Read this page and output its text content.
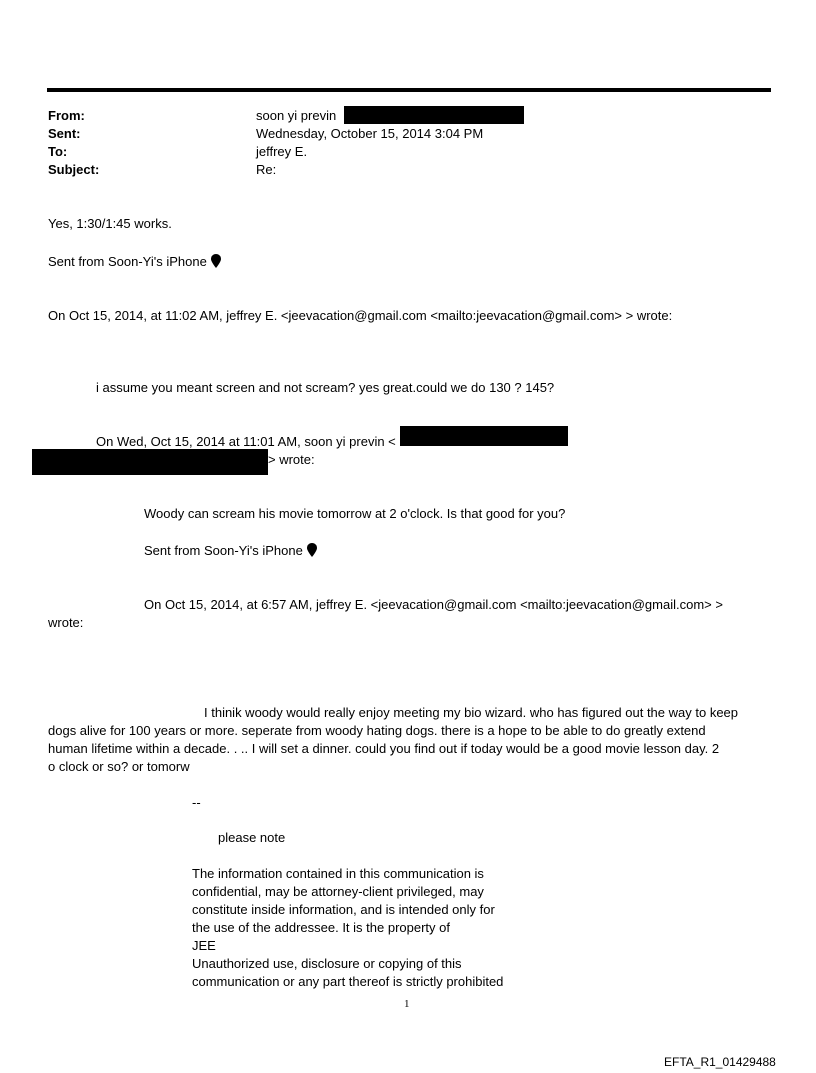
From:	soon yi previn
Sent:	Wednesday, October 15, 2014 3:04 PM
To:	jeffrey E.
Subject:	Re:
Yes, 1:30/1:45 works.
Sent from Soon-Yi's iPhone
On Oct 15, 2014, at 11:02 AM, jeffrey E. <jeevacation@gmail.com <mailto:jeevacation@gmail.com> > wrote:
i assume you meant screen and not scream? yes great.could we do 130 ? 145?
On Wed, Oct 15, 2014 at 11:01 AM, soon yi previn <
> wrote:
Woody can scream his movie tomorrow at 2 o'clock. Is that good for you?
Sent from Soon-Yi's iPhone
On Oct 15, 2014, at 6:57 AM, jeffrey E. <jeevacation@gmail.com <mailto:jeevacation@gmail.com> >
wrote:
I thinik woody would really enjoy meeting my bio wizard. who has figured out the way to keep
dogs alive for 100 years or more. seperate from woody hating dogs. there is a hope to be able to do greatly extend
human lifetime within a decade. . .. I will set a dinner. could you find out if today would be a good movie lesson day. 2
o clock or so? or tomorw
--
please note
The information contained in this communication is
confidential, may be attorney-client privileged, may
constitute inside information, and is intended only for
the use of the addressee. It is the property of
JEE
Unauthorized use, disclosure or copying of this
communication or any part thereof is strictly prohibited
1
EFTA_R1_01429488
